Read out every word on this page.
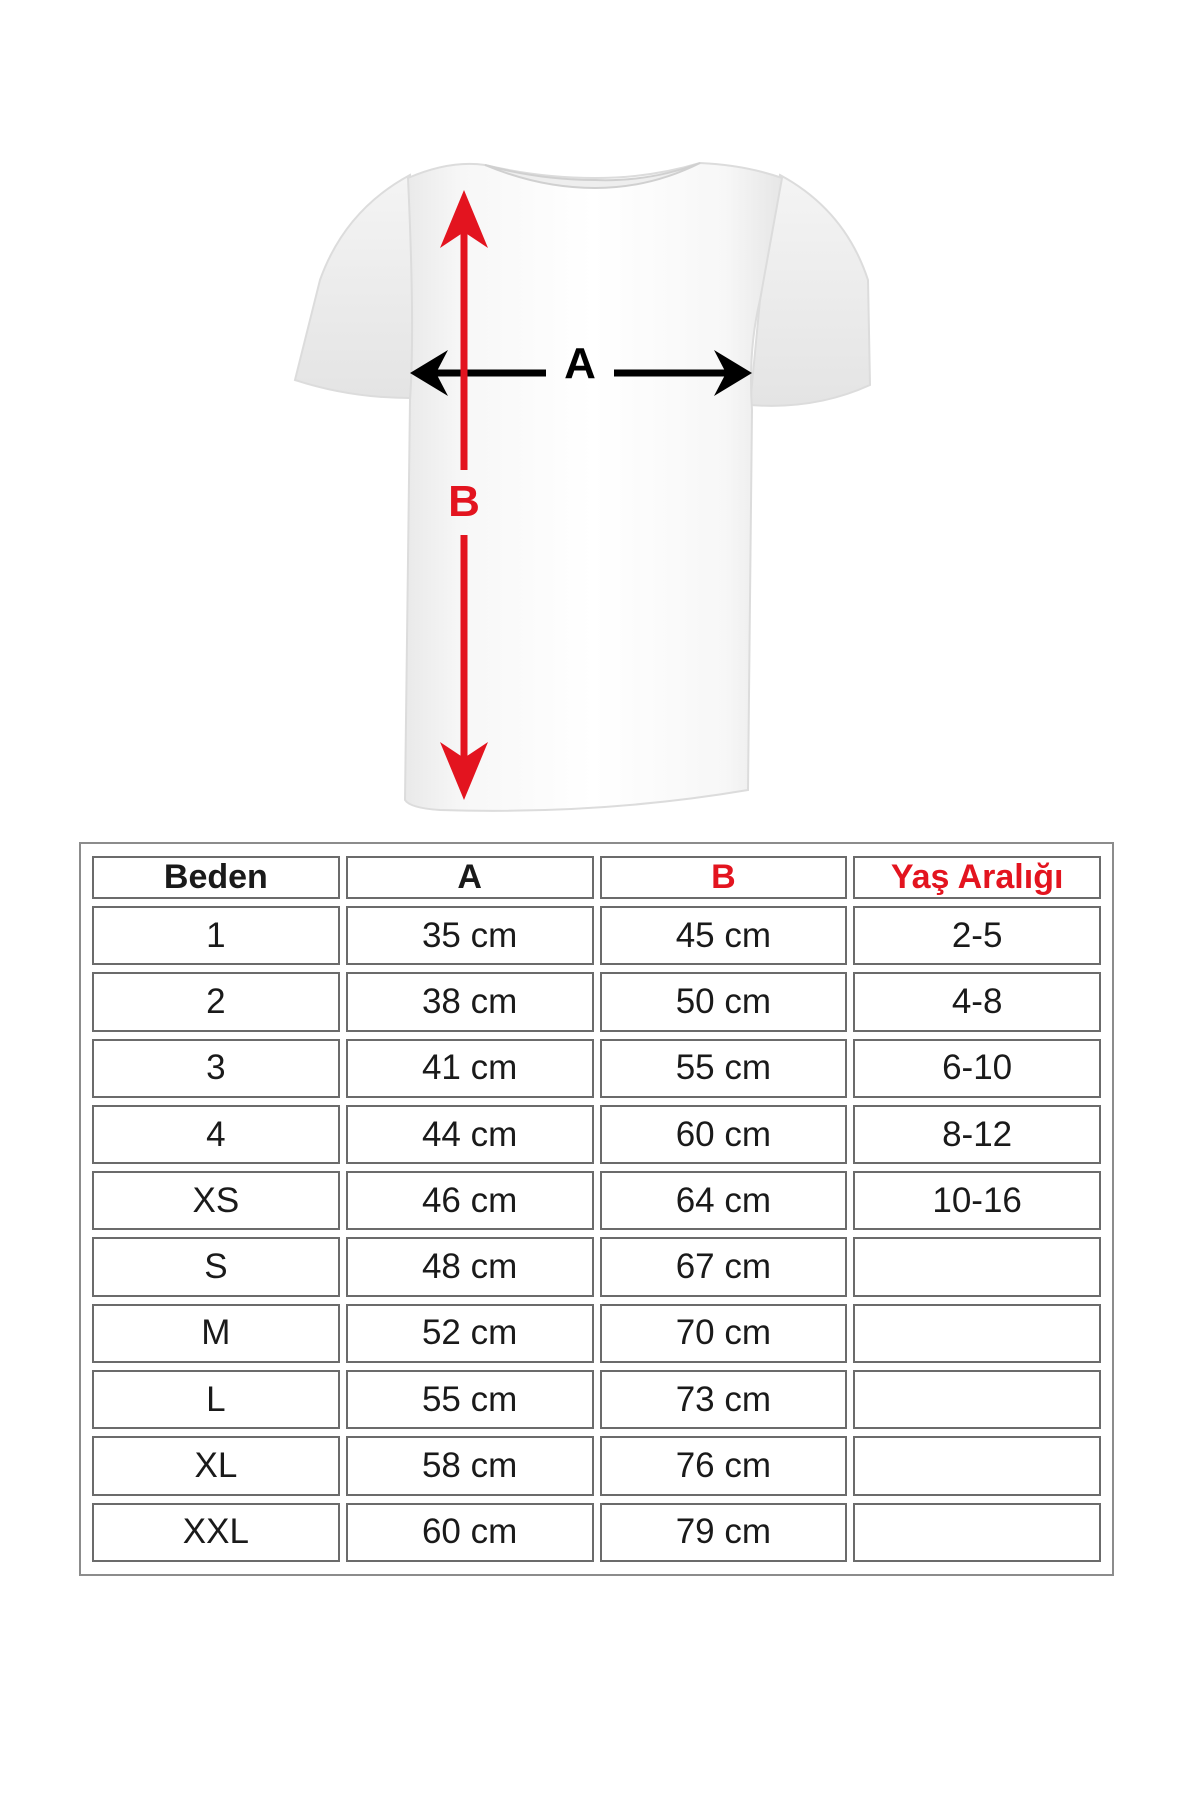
A
B
Beden	A	B	Yaş Aralığı
1	35 cm	45 cm	2-5
2	38 cm	50 cm	4-8
3	41 cm	55 cm	6-10
4	44 cm	60 cm	8-12
XS	46 cm	64 cm	10-16
S	48 cm	67 cm	
M	52 cm	70 cm	
L	55 cm	73 cm	
XL	58 cm	76 cm	
XXL	60 cm	79 cm	
